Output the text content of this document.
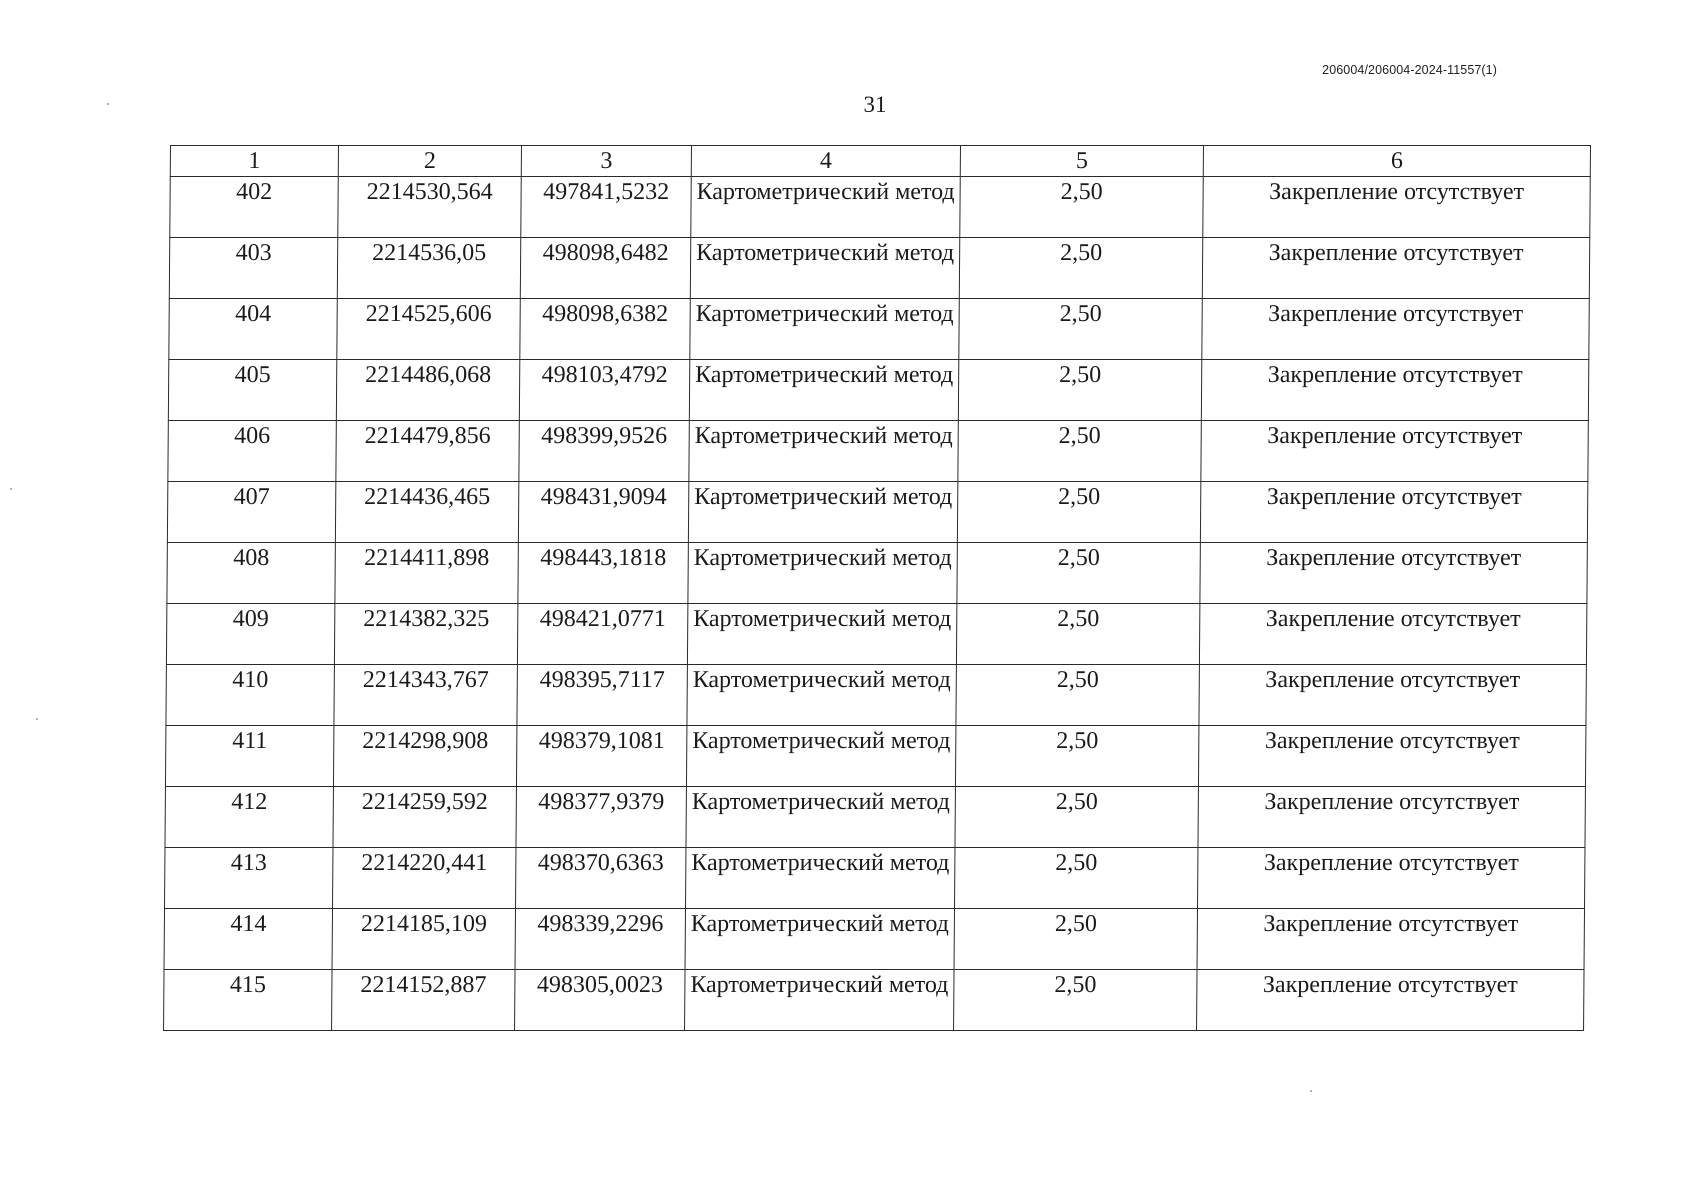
206004/206004-2024-11557(1)
31
1	2	3	4	5	6
402	2214530,564	497841,5232	Картометрический метод	2,50	Закрепление отсутствует
403	2214536,05	498098,6482	Картометрический метод	2,50	Закрепление отсутствует
404	2214525,606	498098,6382	Картометрический метод	2,50	Закрепление отсутствует
405	2214486,068	498103,4792	Картометрический метод	2,50	Закрепление отсутствует
406	2214479,856	498399,9526	Картометрический метод	2,50	Закрепление отсутствует
407	2214436,465	498431,9094	Картометрический метод	2,50	Закрепление отсутствует
408	2214411,898	498443,1818	Картометрический метод	2,50	Закрепление отсутствует
409	2214382,325	498421,0771	Картометрический метод	2,50	Закрепление отсутствует
410	2214343,767	498395,7117	Картометрический метод	2,50	Закрепление отсутствует
411	2214298,908	498379,1081	Картометрический метод	2,50	Закрепление отсутствует
412	2214259,592	498377,9379	Картометрический метод	2,50	Закрепление отсутствует
413	2214220,441	498370,6363	Картометрический метод	2,50	Закрепление отсутствует
414	2214185,109	498339,2296	Картометрический метод	2,50	Закрепление отсутствует
415	2214152,887	498305,0023	Картометрический метод	2,50	Закрепление отсутствует
